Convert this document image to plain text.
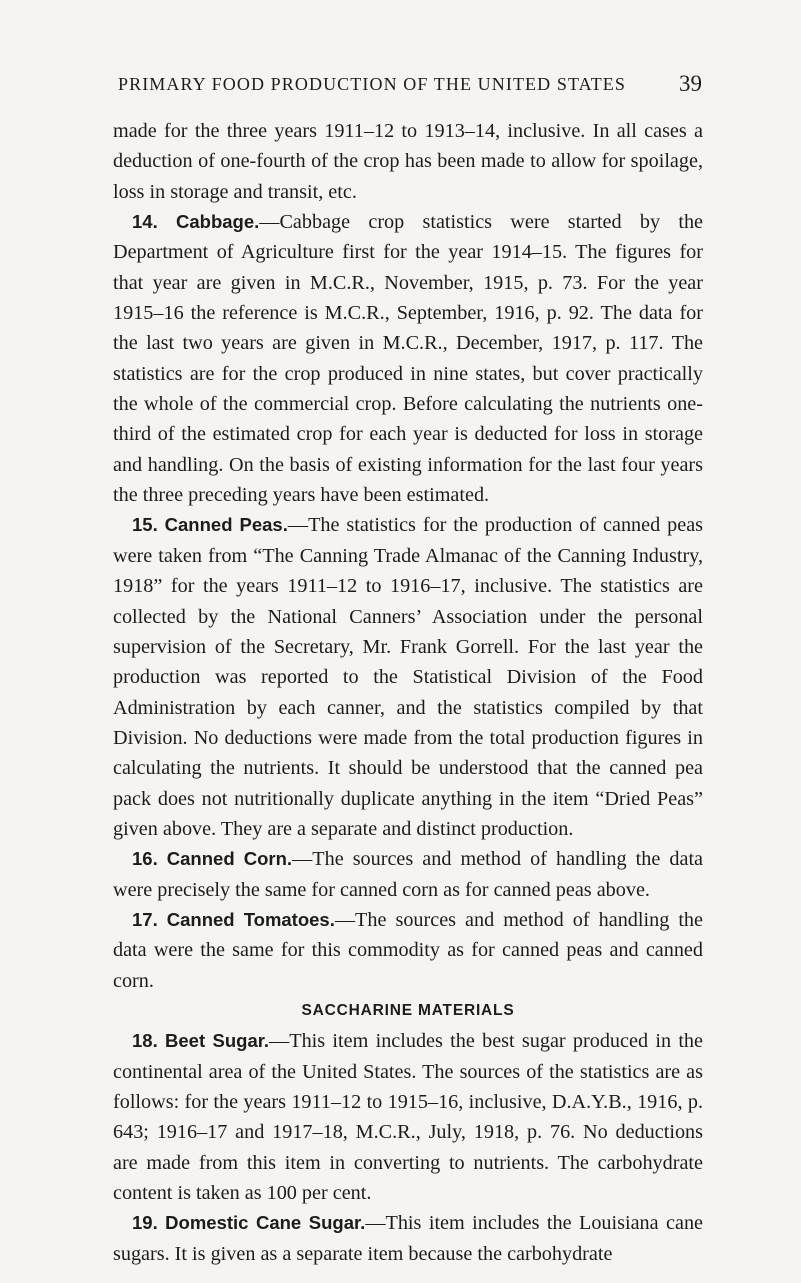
PRIMARY FOOD PRODUCTION OF THE UNITED STATES 39

made for the three years 1911–12 to 1913–14, inclusive. In all cases a deduction of one-fourth of the crop has been made to allow for spoilage, loss in storage and transit, etc.

14. Cabbage.—Cabbage crop statistics were started by the Department of Agriculture first for the year 1914–15. The figures for that year are given in M.C.R., November, 1915, p. 73. For the year 1915–16 the reference is M.C.R., September, 1916, p. 92. The data for the last two years are given in M.C.R., December, 1917, p. 117. The statistics are for the crop produced in nine states, but cover practically the whole of the commercial crop. Before calculating the nutrients one-third of the estimated crop for each year is deducted for loss in storage and handling. On the basis of existing information for the last four years the three preceding years have been estimated.

15. Canned Peas.—The statistics for the production of canned peas were taken from “The Canning Trade Almanac of the Canning Industry, 1918” for the years 1911–12 to 1916–17, inclusive. The statistics are collected by the National Canners’ Association under the personal supervision of the Secretary, Mr. Frank Gorrell. For the last year the production was reported to the Statistical Division of the Food Administration by each canner, and the statistics compiled by that Division. No deductions were made from the total production figures in calculating the nutrients. It should be understood that the canned pea pack does not nutritionally duplicate anything in the item “Dried Peas” given above. They are a separate and distinct production.

16. Canned Corn.—The sources and method of handling the data were precisely the same for canned corn as for canned peas above.

17. Canned Tomatoes.—The sources and method of handling the data were the same for this commodity as for canned peas and canned corn.

SACCHARINE MATERIALS

18. Beet Sugar.—This item includes the best sugar produced in the continental area of the United States. The sources of the statistics are as follows: for the years 1911–12 to 1915–16, inclusive, D.A.Y.B., 1916, p. 643; 1916–17 and 1917–18, M.C.R., July, 1918, p. 76. No deductions are made from this item in converting to nutrients. The carbohydrate content is taken as 100 per cent.

19. Domestic Cane Sugar.—This item includes the Louisiana cane sugars. It is given as a separate item because the carbohydrate
